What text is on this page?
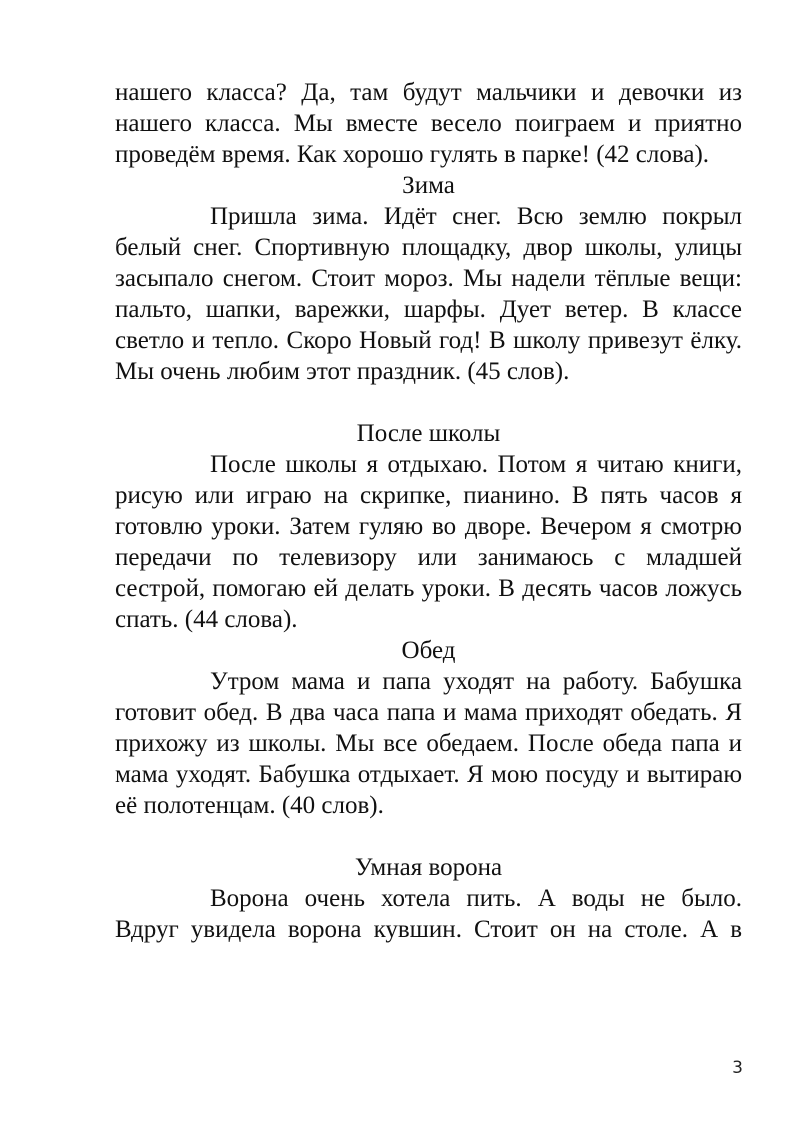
нашего класса? Да, там будут мальчики и девочки из нашего класса. Мы вместе весело поиграем и приятно проведём время. Как хорошо гулять в парке! (42 слова).

Зима

Пришла зима. Идёт снег. Всю землю покрыл белый снег. Спортивную площадку, двор школы, улицы засыпало снегом. Стоит мороз. Мы надели тёплые вещи: пальто, шапки, варежки, шарфы. Дует ветер. В классе светло и тепло. Скоро Новый год! В школу привезут ёлку. Мы очень любим этот праздник. (45 слов).

После школы

После школы я отдыхаю. Потом я читаю книги, рисую или играю на скрипке, пианино. В пять часов я готовлю уроки. Затем гуляю во дворе. Вечером я смотрю передачи по телевизору или занимаюсь с младшей сестрой, помогаю ей делать уроки. В десять часов ложусь спать. (44 слова).

Обед

Утром мама и папа уходят на работу. Бабушка готовит обед. В два часа папа и мама приходят обедать. Я прихожу из школы. Мы все обедаем. После обеда папа и мама уходят. Бабушка отдыхает. Я мою посуду и вытираю её полотенцам. (40 слов).

Умная ворона

Ворона очень хотела пить. А воды не было. Вдруг увидела ворона кувшин. Стоит он на столе. А в

3
